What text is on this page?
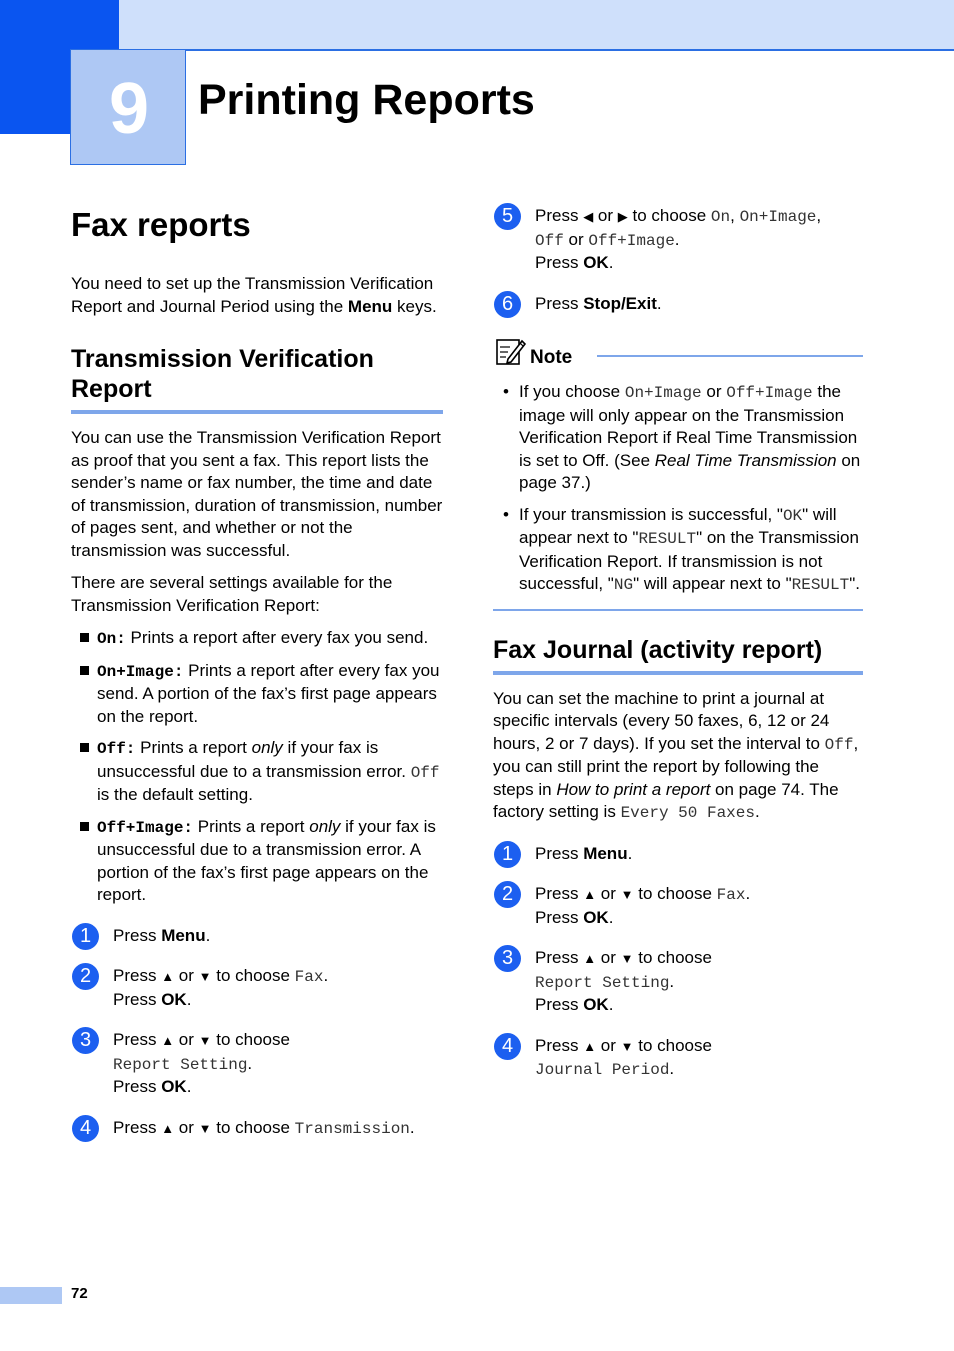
9	Printing Reports
Fax reports

You need to set up the Transmission Verification Report and Journal Period using the Menu keys.

Transmission Verification Report

You can use the Transmission Verification Report as proof that you sent a fax. This report lists the sender’s name or fax number, the time and date of transmission, duration of transmission, number of pages sent, and whether or not the transmission was successful.

There are several settings available for the Transmission Verification Report:

On: Prints a report after every fax you send.
On+Image: Prints a report after every fax you send. A portion of the fax’s first page appears on the report.
Off: Prints a report only if your fax is unsuccessful due to a transmission error. Off is the default setting.
Off+Image: Prints a report only if your fax is unsuccessful due to a transmission error. A portion of the fax’s first page appears on the report.
1	Press Menu.
2	Press ▲ or ▼ to choose Fax.
Press OK.
3	Press ▲ or ▼ to choose
Report Setting.
Press OK.
4	Press ▲ or ▼ to choose Transmission.
5	Press ◀ or ▶ to choose On, On+Image,
Off or Off+Image.
Press OK.
6	Press Stop/Exit.
Note
• If you choose On+Image or Off+Image the image will only appear on the Transmission Verification Report if Real Time Transmission is set to Off. (See Real Time Transmission on page 37.)
• If your transmission is successful, "OK" will appear next to "RESULT" on the Transmission Verification Report. If transmission is not successful, "NG" will appear next to "RESULT".
Fax Journal (activity report)

You can set the machine to print a journal at specific intervals (every 50 faxes, 6, 12 or 24 hours, 2 or 7 days). If you set the interval to Off, you can still print the report by following the steps in How to print a report on page 74. The factory setting is Every 50 Faxes.

1	Press Menu.
2	Press ▲ or ▼ to choose Fax.
Press OK.
3	Press ▲ or ▼ to choose
Report Setting.
Press OK.
4	Press ▲ or ▼ to choose
Journal Period.
72
